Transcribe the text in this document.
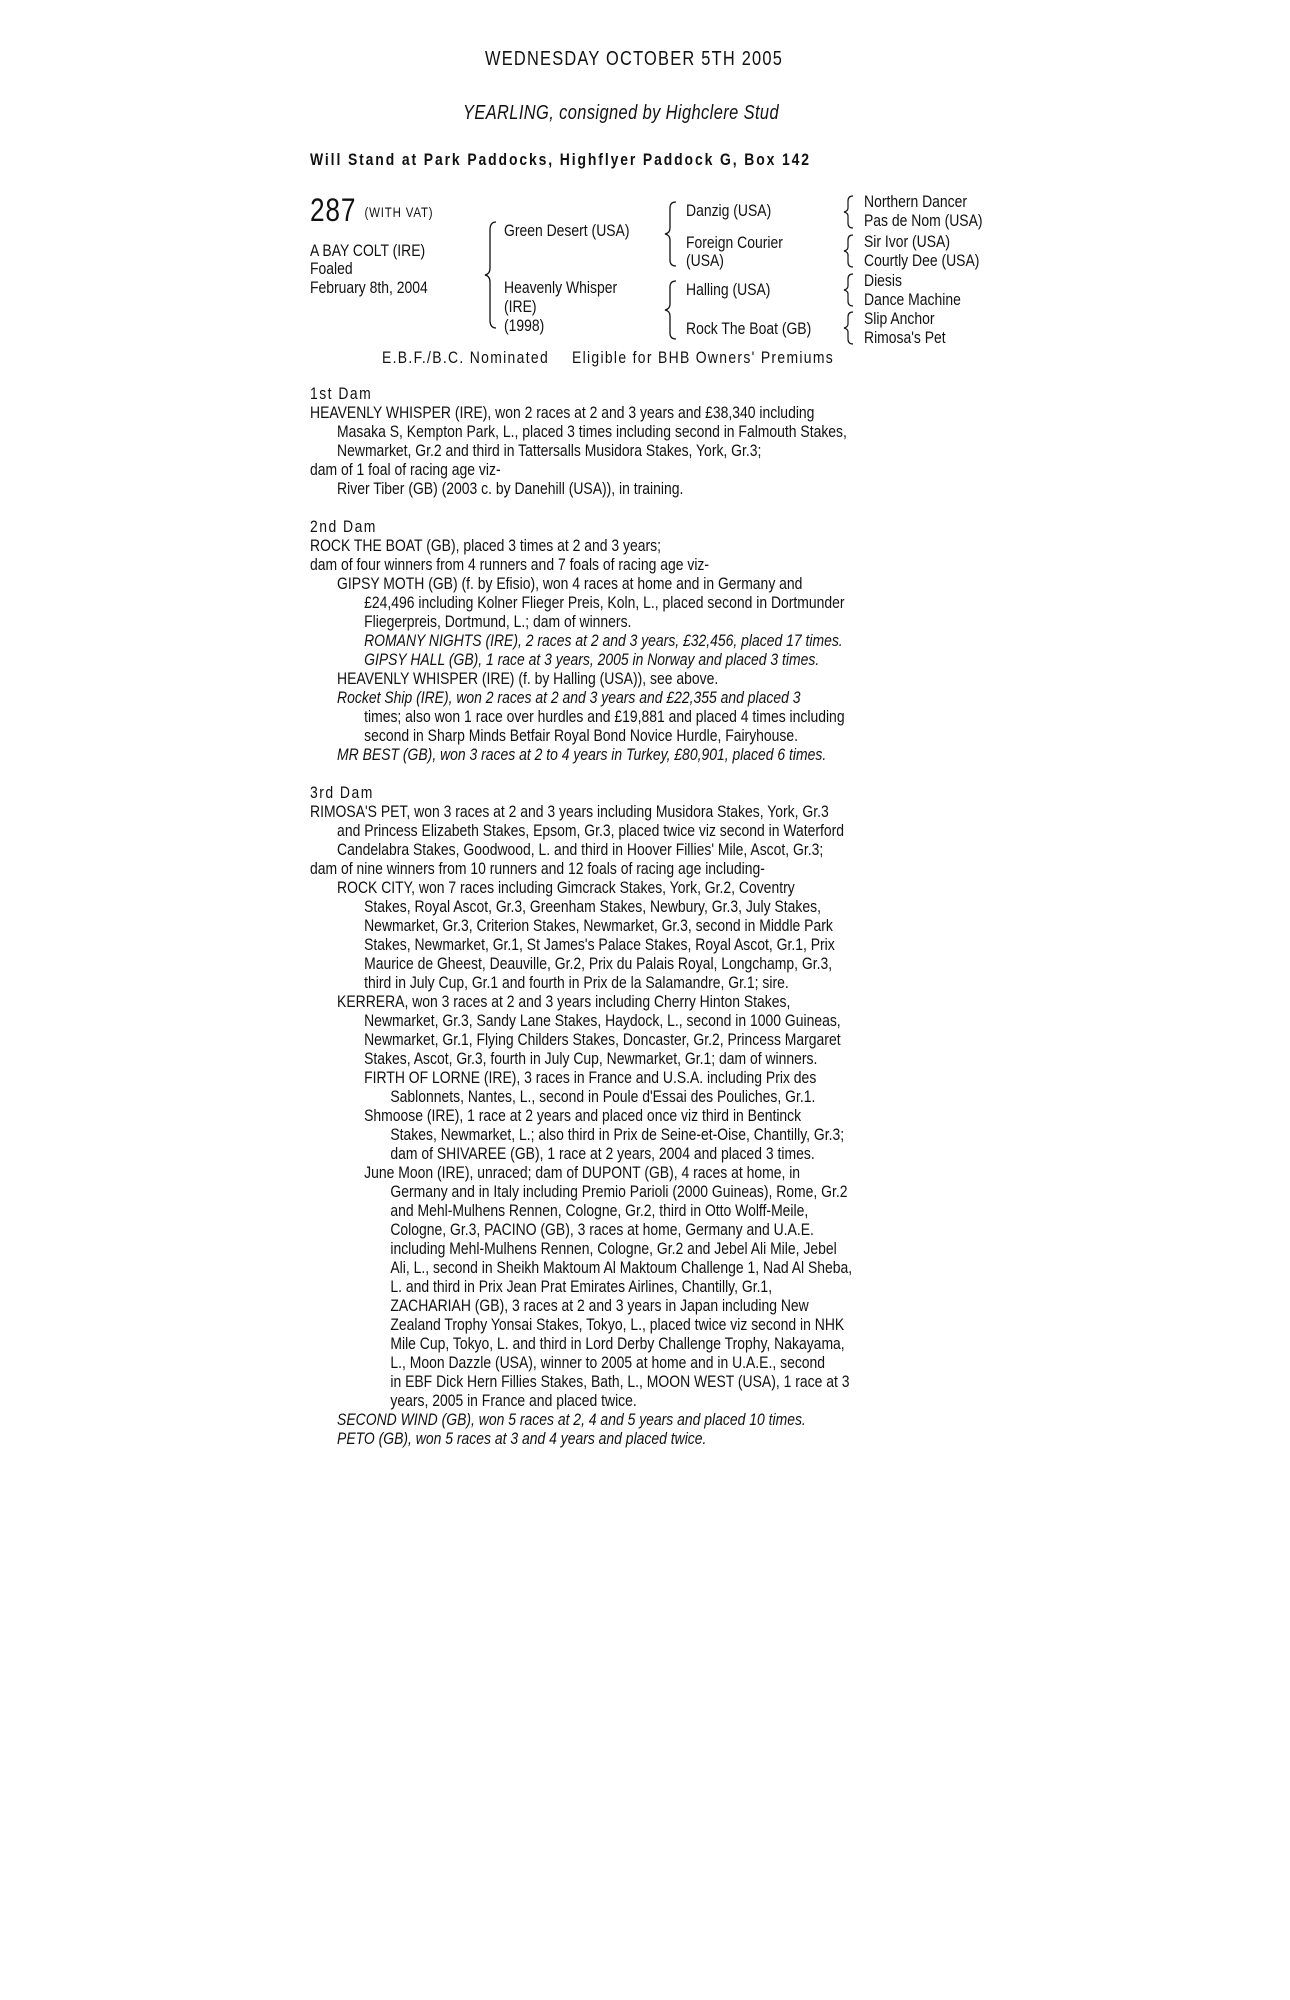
WEDNESDAY OCTOBER 5TH 2005
YEARLING, consigned by Highclere Stud
Will Stand at Park Paddocks, Highflyer Paddock G, Box 142
287 (WITH VAT)
A BAY COLT (IRE)
Foaled
February 8th, 2004
Green Desert (USA)
Heavenly Whisper
(IRE)
(1998)
Danzig (USA)
Foreign Courier
(USA)
Halling (USA)
Rock The Boat (GB)
Northern Dancer
Pas de Nom (USA)
Sir Ivor (USA)
Courtly Dee (USA)
Diesis
Dance Machine
Slip Anchor
Rimosa's Pet
E.B.F./B.C. Nominated Eligible for BHB Owners' Premiums

1st Dam

HEAVENLY WHISPER (IRE), won 2 races at 2 and 3 years and £38,340 including

Masaka S, Kempton Park, L., placed 3 times including second in Falmouth Stakes,

Newmarket, Gr.2 and third in Tattersalls Musidora Stakes, York, Gr.3;

dam of 1 foal of racing age viz-

River Tiber (GB) (2003 c. by Danehill (USA)), in training.

2nd Dam

ROCK THE BOAT (GB), placed 3 times at 2 and 3 years;

dam of four winners from 4 runners and 7 foals of racing age viz-

GIPSY MOTH (GB) (f. by Efisio), won 4 races at home and in Germany and

£24,496 including Kolner Flieger Preis, Koln, L., placed second in Dortmunder

Fliegerpreis, Dortmund, L.; dam of winners.

ROMANY NIGHTS (IRE), 2 races at 2 and 3 years, £32,456, placed 17 times.

GIPSY HALL (GB), 1 race at 3 years, 2005 in Norway and placed 3 times.

HEAVENLY WHISPER (IRE) (f. by Halling (USA)), see above.

Rocket Ship (IRE), won 2 races at 2 and 3 years and £22,355 and placed 3

times; also won 1 race over hurdles and £19,881 and placed 4 times including

second in Sharp Minds Betfair Royal Bond Novice Hurdle, Fairyhouse.

MR BEST (GB), won 3 races at 2 to 4 years in Turkey, £80,901, placed 6 times.

3rd Dam

RIMOSA'S PET, won 3 races at 2 and 3 years including Musidora Stakes, York, Gr.3

and Princess Elizabeth Stakes, Epsom, Gr.3, placed twice viz second in Waterford

Candelabra Stakes, Goodwood, L. and third in Hoover Fillies' Mile, Ascot, Gr.3;

dam of nine winners from 10 runners and 12 foals of racing age including-

ROCK CITY, won 7 races including Gimcrack Stakes, York, Gr.2, Coventry

Stakes, Royal Ascot, Gr.3, Greenham Stakes, Newbury, Gr.3, July Stakes,

Newmarket, Gr.3, Criterion Stakes, Newmarket, Gr.3, second in Middle Park

Stakes, Newmarket, Gr.1, St James's Palace Stakes, Royal Ascot, Gr.1, Prix

Maurice de Gheest, Deauville, Gr.2, Prix du Palais Royal, Longchamp, Gr.3,

third in July Cup, Gr.1 and fourth in Prix de la Salamandre, Gr.1; sire.

KERRERA, won 3 races at 2 and 3 years including Cherry Hinton Stakes,

Newmarket, Gr.3, Sandy Lane Stakes, Haydock, L., second in 1000 Guineas,

Newmarket, Gr.1, Flying Childers Stakes, Doncaster, Gr.2, Princess Margaret

Stakes, Ascot, Gr.3, fourth in July Cup, Newmarket, Gr.1; dam of winners.

FIRTH OF LORNE (IRE), 3 races in France and U.S.A. including Prix des

Sablonnets, Nantes, L., second in Poule d'Essai des Pouliches, Gr.1.

Shmoose (IRE), 1 race at 2 years and placed once viz third in Bentinck

Stakes, Newmarket, L.; also third in Prix de Seine-et-Oise, Chantilly, Gr.3;

dam of SHIVAREE (GB), 1 race at 2 years, 2004 and placed 3 times.

June Moon (IRE), unraced; dam of DUPONT (GB), 4 races at home, in

Germany and in Italy including Premio Parioli (2000 Guineas), Rome, Gr.2

and Mehl-Mulhens Rennen, Cologne, Gr.2, third in Otto Wolff-Meile,

Cologne, Gr.3, PACINO (GB), 3 races at home, Germany and U.A.E.

including Mehl-Mulhens Rennen, Cologne, Gr.2 and Jebel Ali Mile, Jebel

Ali, L., second in Sheikh Maktoum Al Maktoum Challenge 1, Nad Al Sheba,

L. and third in Prix Jean Prat Emirates Airlines, Chantilly, Gr.1,

ZACHARIAH (GB), 3 races at 2 and 3 years in Japan including New

Zealand Trophy Yonsai Stakes, Tokyo, L., placed twice viz second in NHK

Mile Cup, Tokyo, L. and third in Lord Derby Challenge Trophy, Nakayama,

L., Moon Dazzle (USA), winner to 2005 at home and in U.A.E., second

in EBF Dick Hern Fillies Stakes, Bath, L., MOON WEST (USA), 1 race at 3

years, 2005 in France and placed twice.

SECOND WIND (GB), won 5 races at 2, 4 and 5 years and placed 10 times.

PETO (GB), won 5 races at 3 and 4 years and placed twice.
